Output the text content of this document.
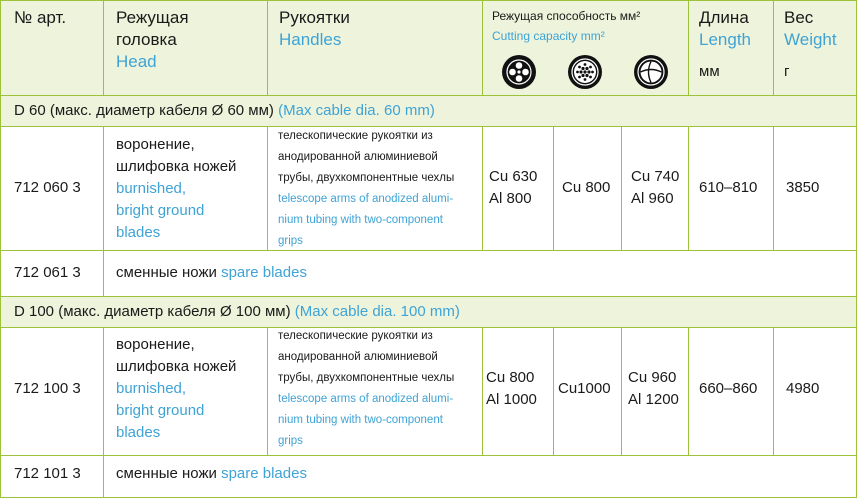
№ арт.	Режущая
головка
Head
Рукоятки
Handles
Режущая способность мм²
Cutting capacity mm²
Длина
Length
мм
Вес
Weight
г
D 60 (макс. диаметр кабеля Ø 60 мм) (Max cable dia. 60 mm)
712 060 3
воронение,
шлифовка ножей
burnished,
bright ground
blades
телескопические рукоятки из
анодированной алюминиевой
трубы, двухкомпонентные чехлы
telescope arms of anodized alumi-
nium tubing with two-component
grips
Cu 630
Al 800
Cu 800
Cu 740
Al 960
610–810 3850
712 061 3 сменные ножи spare blades
D 100 (макс. диаметр кабеля Ø 100 мм) (Max cable dia. 100 mm)
712 100 3
воронение,
шлифовка ножей
burnished,
bright ground
blades
телескопические рукоятки из
анодированной алюминиевой
трубы, двухкомпонентные чехлы
telescope arms of anodized alumi-
nium tubing with two-component
grips
Cu 800
Al 1000
Cu1000
Cu 960
Al 1200
660–860 4980
712 101 3 сменные ножи spare blades
